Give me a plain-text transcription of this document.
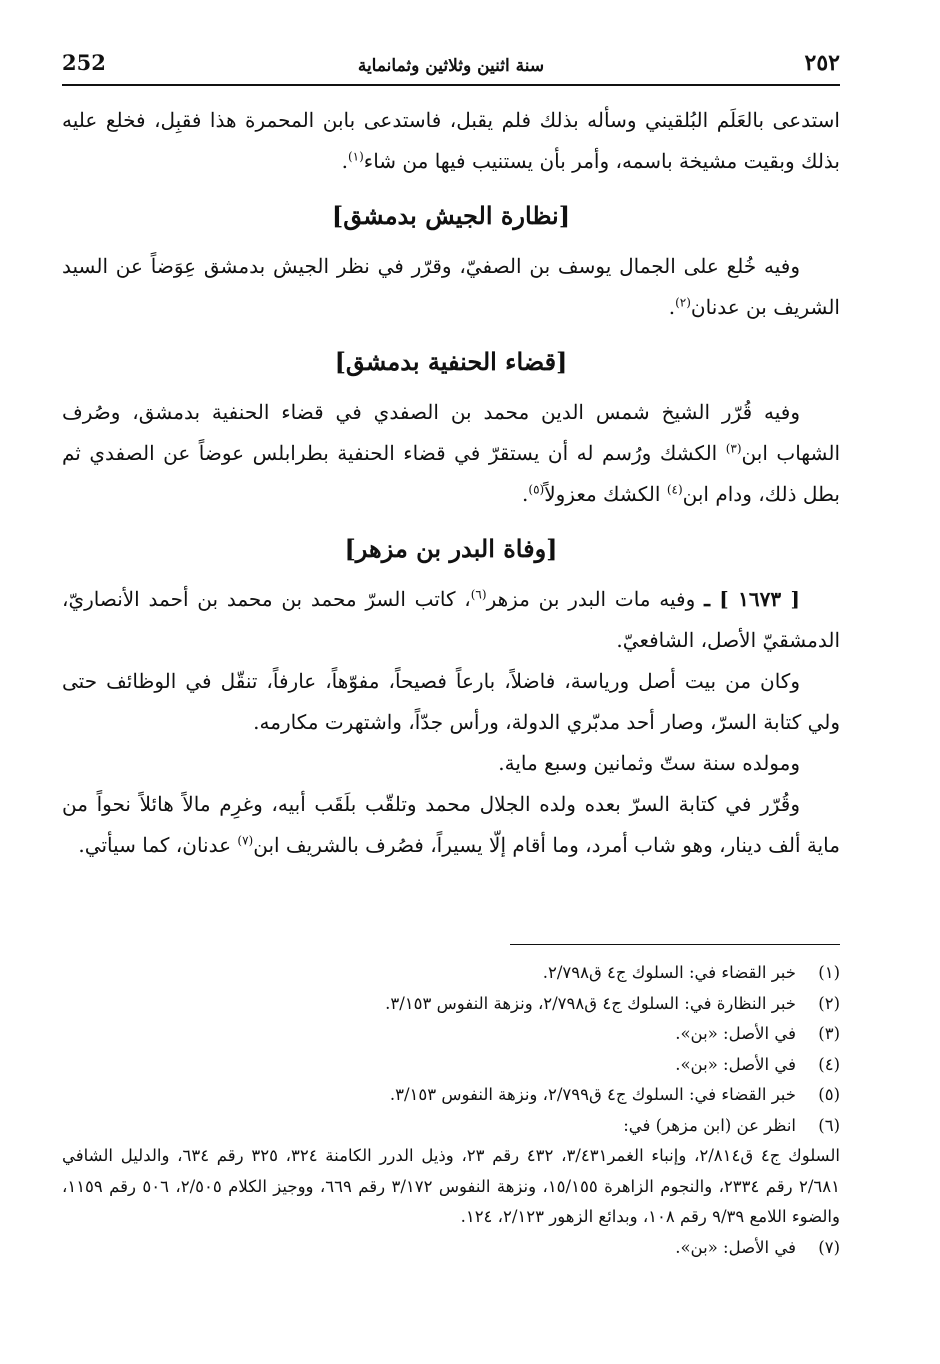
252	سنة اثنين وثلاثين وثمانماية	٢٥٢

استدعى بالعَلَم البُلقيني وسأله بذلك فلم يقبل، فاستدعى بابن المحمرة هذا فقبِل، فخلع عليه بذلك وبقيت مشيخة باسمه، وأمر بأن يستنيب فيها من شاء$^{(١)}$.

[نظارة الجيش بدمشق]

وفيه خُلع على الجمال يوسف بن الصفيّ، وقرّر في نظر الجيش بدمشق عِوَضاً عن السيد الشريف بن عدنان$^{(٢)}$.

[قضاء الحنفية بدمشق]

وفيه قُرّر الشيخ شمس الدين محمد بن الصفدي في قضاء الحنفية بدمشق، وصُرف الشهاب ابن$^{(٣)}$ الكشك ورُسم له أن يستقرّ في قضاء الحنفية بطرابلس عوضاً عن الصفدي ثم بطل ذلك، ودام ابن$^{(٤)}$ الكشك معزولاً$^{(٥)}$.

[وفاة البدر بن مزهر]

[ ١٦٧٣ ] ـ وفيه مات البدر بن مزهر$^{(٦)}$، كاتب السرّ محمد بن محمد بن أحمد الأنصاريّ، الدمشقيّ الأصل، الشافعيّ.

وكان من بيت أصل ورياسة، فاضلاً، بارعاً فصيحاً، مفوّهاً، عارفاً، تنقّل في الوظائف حتى ولي كتابة السرّ، وصار أحد مدبّري الدولة، ورأس جدّاً، واشتهرت مكارمه.

ومولده سنة ستّ وثمانين وسبع ماية.

وقُرّر في كتابة السرّ بعده ولده الجلال محمد وتلقّب بلَقَب أبيه، وغرِم مالاً هائلاً نحواً من ماية ألف دينار، وهو شاب أمرد، وما أقام إلّا يسيراً، فصُرف بالشريف ابن$^{(٧)}$ عدنان، كما سيأتي.

(١)
خبر القضاء في: السلوك ج٤ ق٢/٧٩٨.
(٢)
خبر النظارة في: السلوك ج٤ ق٢/٧٩٨، ونزهة النفوس ٣/١٥٣.
(٣)
في الأصل: «بن».
(٤)
في الأصل: «بن».
(٥)
خبر القضاء في: السلوك ج٤ ق٢/٧٩٩، ونزهة النفوس ٣/١٥٣.
(٦)
انظر عن (ابن مزهر) في:
السلوك ج٤ ق٢/٨١٤، وإنباء الغمر٣/٤٣١، ٤٣٢ رقم ٢٣، وذيل الدرر الكامنة ٣٢٤، ٣٢٥ رقم ٦٣٤، والدليل الشافي ٢/٦٨١ رقم ٢٣٣٤، والنجوم الزاهرة ١٥/١٥٥، ونزهة النفوس ٣/١٧٢ رقم ٦٦٩، ووجيز الكلام ٢/٥٠٥، ٥٠٦ رقم ١١٥٩، والضوء اللامع ٩/٣٩ رقم ١٠٨، وبدائع الزهور ٢/١٢٣، ١٢٤.
(٧)
في الأصل: «بن».
